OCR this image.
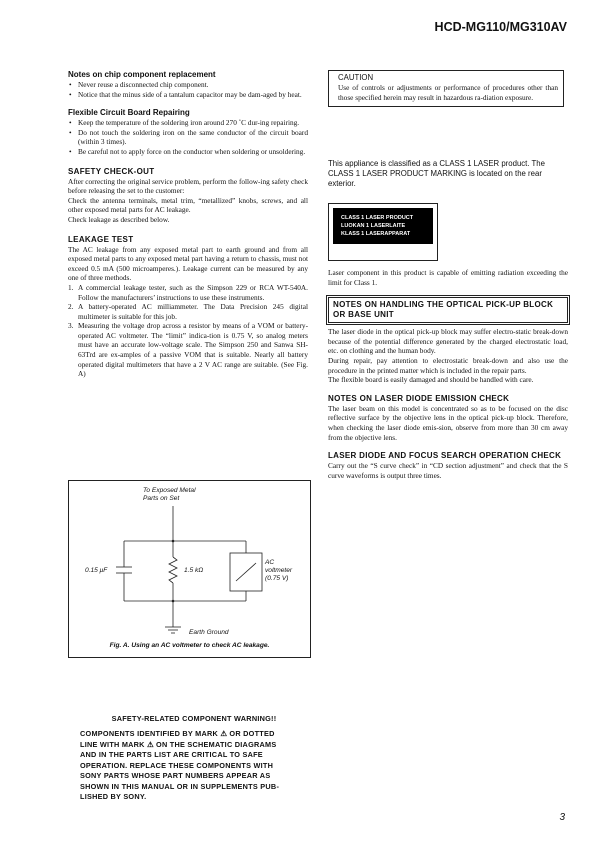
HCD-MG110/MG310AV
Notes on chip component replacement
• Never reuse a disconnected chip component.
• Notice that the minus side of a tantalum capacitor may be dam-aged by heat.
Flexible Circuit Board Repairing
• Keep the temperature of the soldering iron around 270 ˚C dur-ing repairing.
• Do not touch the soldering iron on the same conductor of the circuit board (within 3 times).
• Be careful not to apply force on the conductor when soldering or unsoldering.
SAFETY CHECK-OUT

After correcting the original service problem, perform the follow-ing safety check before releasing the set to the customer:

Check the antenna terminals, metal trim, “metallized” knobs, screws, and all other exposed metal parts for AC leakage.

Check leakage as described below.

LEAKAGE TEST

The AC leakage from any exposed metal part to earth ground and from all exposed metal parts to any exposed metal part having a return to chassis, must not exceed 0.5 mA (500 microamperes.). Leakage current can be measured by any one of three methods.

1. A commercial leakage tester, such as the Simpson 229 or RCA WT-540A. Follow the manufacturers’ instructions to use these instruments.
2. A battery-operated AC milliammeter. The Data Precision 245 digital multimeter is suitable for this job.
3. Measuring the voltage drop across a resistor by means of a VOM or battery-operated AC voltmeter. The “limit” indica-tion is 0.75 V, so analog meters must have an accurate low-voltage scale. The Simpson 250 and Sanwa SH-63Trd are ex-amples of a passive VOM that is suitable. Nearly all battery operated digital multimeters that have a 2 V AC range are suitable. (See Fig. A)
To Exposed Metal
Parts on Set
0.15 μF	1.5 kΩ
AC
voltmeter
(0.75 V)
Earth Ground
Fig. A. Using an AC voltmeter to check AC leakage.
SAFETY-RELATED COMPONENT WARNING!!
COMPONENTS IDENTIFIED BY MARK ⚠ OR DOTTED
LINE WITH MARK ⚠ ON THE SCHEMATIC DIAGRAMS
AND IN THE PARTS LIST ARE CRITICAL TO SAFE
OPERATION. REPLACE THESE COMPONENTS WITH
SONY PARTS WHOSE PART NUMBERS APPEAR AS
SHOWN IN THIS MANUAL OR IN SUPPLEMENTS PUB-
LISHED BY SONY.
CAUTION

Use of controls or adjustments or performance of procedures other than those specified herein may result in hazardous ra-diation exposure.

This appliance is classified as a CLASS 1 LASER product. The CLASS 1 LASER PRODUCT MARKING is located on the rear exterior.
CLASS 1 LASER PRODUCT
LUOKAN 1 LASERLAITE
KLASS 1 LASERAPPARAT

Laser component in this product is capable of emitting radiation exceeding the limit for Class 1.

NOTES ON HANDLING THE OPTICAL PICK-UP BLOCK OR BASE UNIT

The laser diode in the optical pick-up block may suffer electro-static break-down because of the potential difference generated by the charged electrostatic load, etc. on clothing and the human body.

During repair, pay attention to electrostatic break-down and also use the procedure in the printed matter which is included in the repair parts.

The flexible board is easily damaged and should be handled with care.

NOTES ON LASER DIODE EMISSION CHECK

The laser beam on this model is concentrated so as to be focused on the disc reflective surface by the objective lens in the optical pick-up block. Therefore, when checking the laser diode emis-sion, observe from more than 30 cm away from the objective lens.

LASER DIODE AND FOCUS SEARCH OPERATION CHECK

Carry out the “S curve check” in “CD section adjustment” and check that the S curve waveforms is output three times.

3
